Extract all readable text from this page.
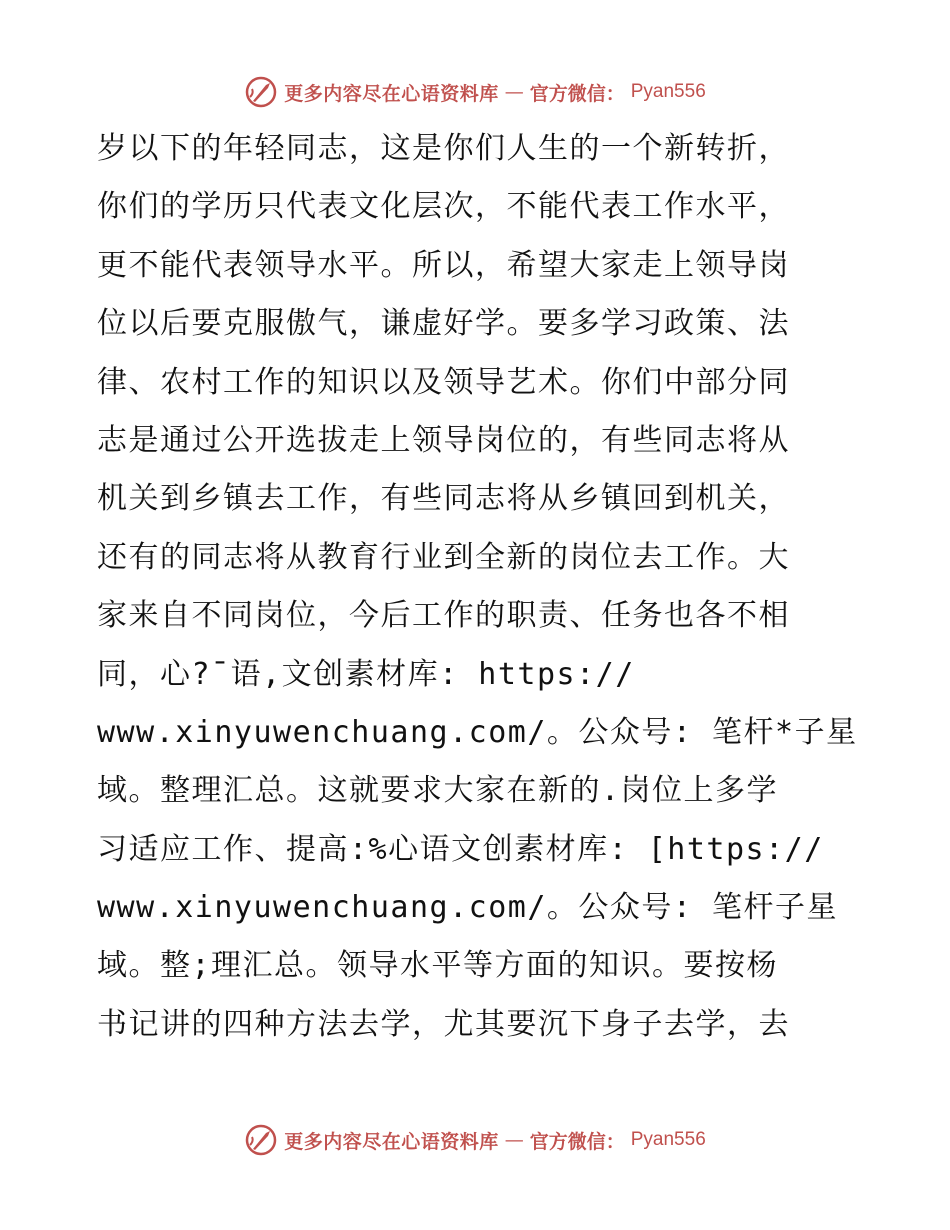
更多内容尽在心语资料库 — 官方微信： Pyan556
岁以下的年轻同志，这是你们人生的一个新转折，
你们的学历只代表文化层次，不能代表工作水平，
更不能代表领导水平。所以，希望大家走上领导岗
位以后要克服傲气，谦虚好学。要多学习政策、法
律、农村工作的知识以及领导艺术。你们中部分同
志是通过公开选拔走上领导岗位的，有些同志将从
机关到乡镇去工作，有些同志将从乡镇回到机关，
还有的同志将从教育行业到全新的岗位去工作。大
家来自不同岗位，今后工作的职责、任务也各不相
同，心?¯语,文创素材库: https://
www.xinyuwenchuang.com/。公众号: 笔杆*子星
域。整理汇总。这就要求大家在新的.岗位上多学
习适应工作、提高:%心语文创素材库: [https://
www.xinyuwenchuang.com/。公众号: 笔杆子星
域。整;理汇总。领导水平等方面的知识。要按杨
书记讲的四种方法去学，尤其要沉下身子去学，去
更多内容尽在心语资料库 — 官方微信： Pyan556
